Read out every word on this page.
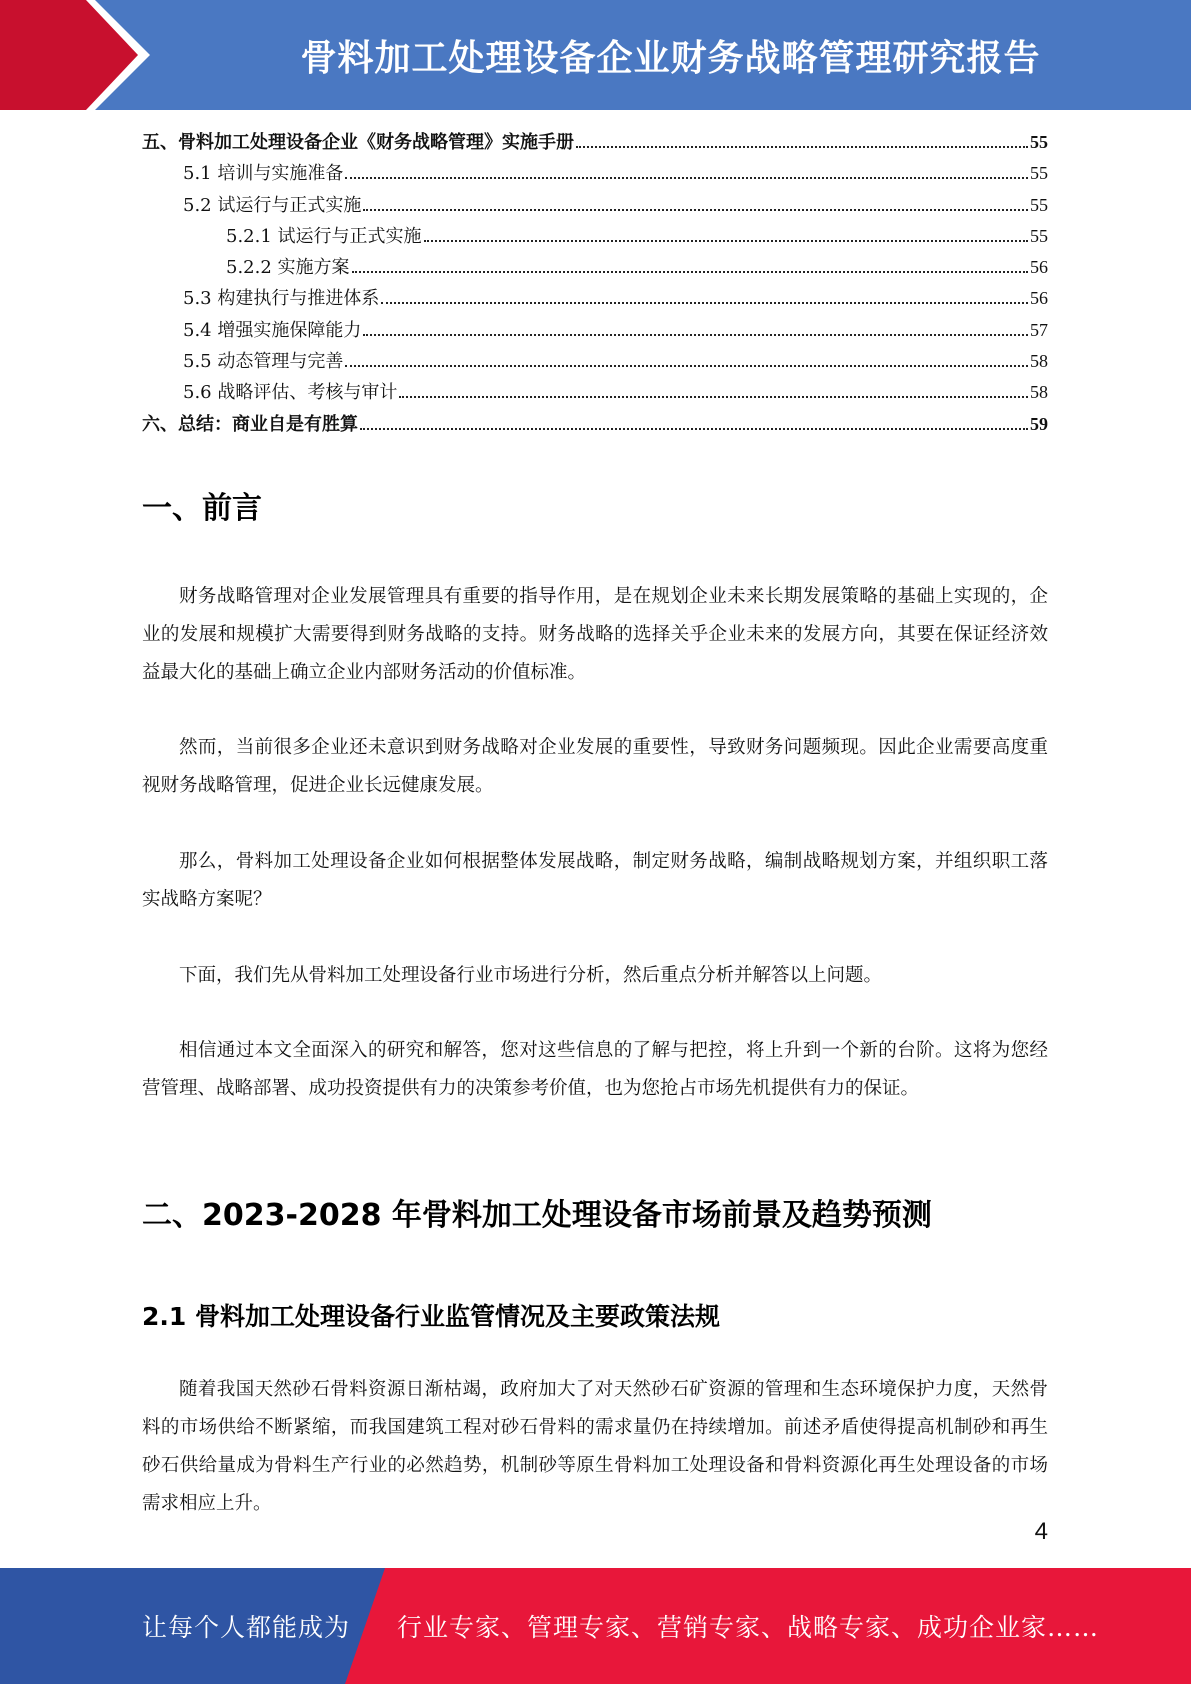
骨料加工处理设备企业财务战略管理研究报告
五、骨料加工处理设备企业《财务战略管理》实施手册	55
5.1 培训与实施准备	55
5.2 试运行与正式实施	55
5.2.1 试运行与正式实施	55
5.2.2 实施方案	56
5.3 构建执行与推进体系	56
5.4 增强实施保障能力	57
5.5 动态管理与完善	58
5.6 战略评估、考核与审计	58
六、总结：商业自是有胜算	59
一、前言

财务战略管理对企业发展管理具有重要的指导作用，是在规划企业未来长期发展策略的基础上实现的，企业的发展和规模扩大需要得到财务战略的支持。财务战略的选择关乎企业未来的发展方向，其要在保证经济效益最大化的基础上确立企业内部财务活动的价值标准。

然而，当前很多企业还未意识到财务战略对企业发展的重要性，导致财务问题频现。因此企业需要高度重视财务战略管理，促进企业长远健康发展。

那么，骨料加工处理设备企业如何根据整体发展战略，制定财务战略，编制战略规划方案，并组织职工落实战略方案呢？

下面，我们先从骨料加工处理设备行业市场进行分析，然后重点分析并解答以上问题。

相信通过本文全面深入的研究和解答，您对这些信息的了解与把控，将上升到一个新的台阶。这将为您经营管理、战略部署、成功投资提供有力的决策参考价值，也为您抢占市场先机提供有力的保证。

二、2023-2028 年骨料加工处理设备市场前景及趋势预测
2.1 骨料加工处理设备行业监管情况及主要政策法规

随着我国天然砂石骨料资源日渐枯竭，政府加大了对天然砂石矿资源的管理和生态环境保护力度，天然骨料的市场供给不断紧缩，而我国建筑工程对砂石骨料的需求量仍在持续增加。前述矛盾使得提高机制砂和再生砂石供给量成为骨料生产行业的必然趋势，机制砂等原生骨料加工处理设备和骨料资源化再生处理设备的市场需求相应上升。

4
让每个人都能成为 行业专家、管理专家、营销专家、战略专家、成功企业家……
